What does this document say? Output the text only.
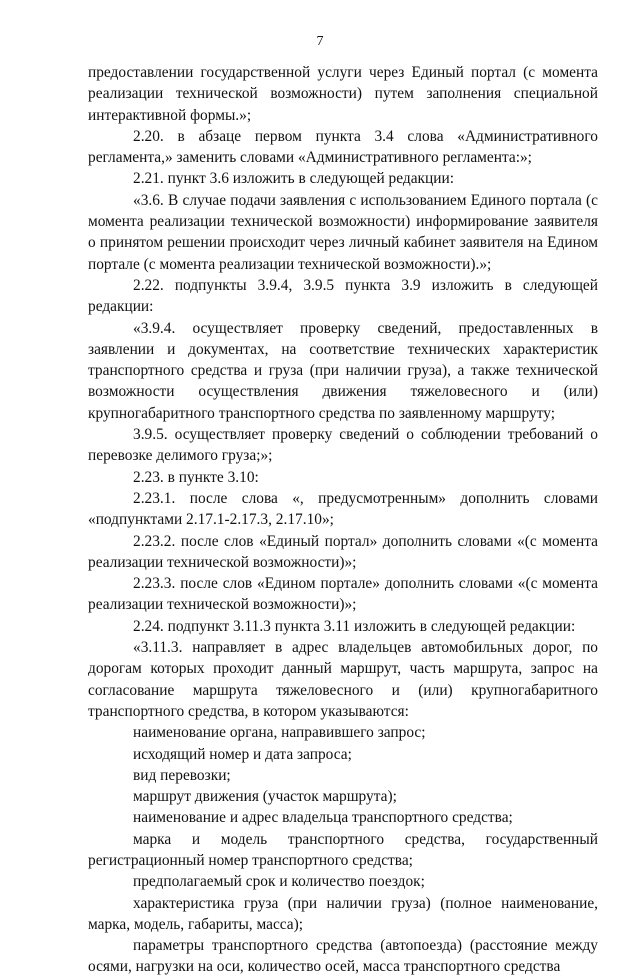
7

предоставлении государственной услуги через Единый портал (с момента реализации технической возможности) путем заполнения специальной интерактивной формы.»;

2.20. в абзаце первом пункта 3.4 слова «Административного регламента,» заменить словами «Административного регламента:»;

2.21. пункт 3.6 изложить в следующей редакции:

«3.6. В случае подачи заявления с использованием Единого портала (с момента реализации технической возможности) информирование заявителя о принятом решении происходит через личный кабинет заявителя на Едином портале (с момента реализации технической возможности).»;

2.22. подпункты 3.9.4, 3.9.5 пункта 3.9 изложить в следующей редакции:

«3.9.4. осуществляет проверку сведений, предоставленных в заявлении и документах, на соответствие технических характеристик транспортного средства и груза (при наличии груза), а также технической возможности осуществления движения тяжеловесного и (или) крупногабаритного транспортного средства по заявленному маршруту;

3.9.5. осуществляет проверку сведений о соблюдении требований о перевозке делимого груза;»;

2.23. в пункте 3.10:

2.23.1. после слова «, предусмотренным» дополнить словами «подпунктами 2.17.1-2.17.3, 2.17.10»;

2.23.2. после слов «Единый портал» дополнить словами «(с момента реализации технической возможности)»;

2.23.3. после слов «Едином портале» дополнить словами «(с момента реализации технической возможности)»;

2.24. подпункт 3.11.3 пункта 3.11 изложить в следующей редакции:

«3.11.3. направляет в адрес владельцев автомобильных дорог, по дорогам которых проходит данный маршрут, часть маршрута, запрос на согласование маршрута тяжеловесного и (или) крупногабаритного транспортного средства, в котором указываются:

наименование органа, направившего запрос;

исходящий номер и дата запроса;

вид перевозки;

маршрут движения (участок маршрута);

наименование и адрес владельца транспортного средства;

марка и модель транспортного средства, государственный регистрационный номер транспортного средства;

предполагаемый срок и количество поездок;

характеристика груза (при наличии груза) (полное наименование, марка, модель, габариты, масса);

параметры транспортного средства (автопоезда) (расстояние между осями, нагрузки на оси, количество осей, масса транспортного средства
